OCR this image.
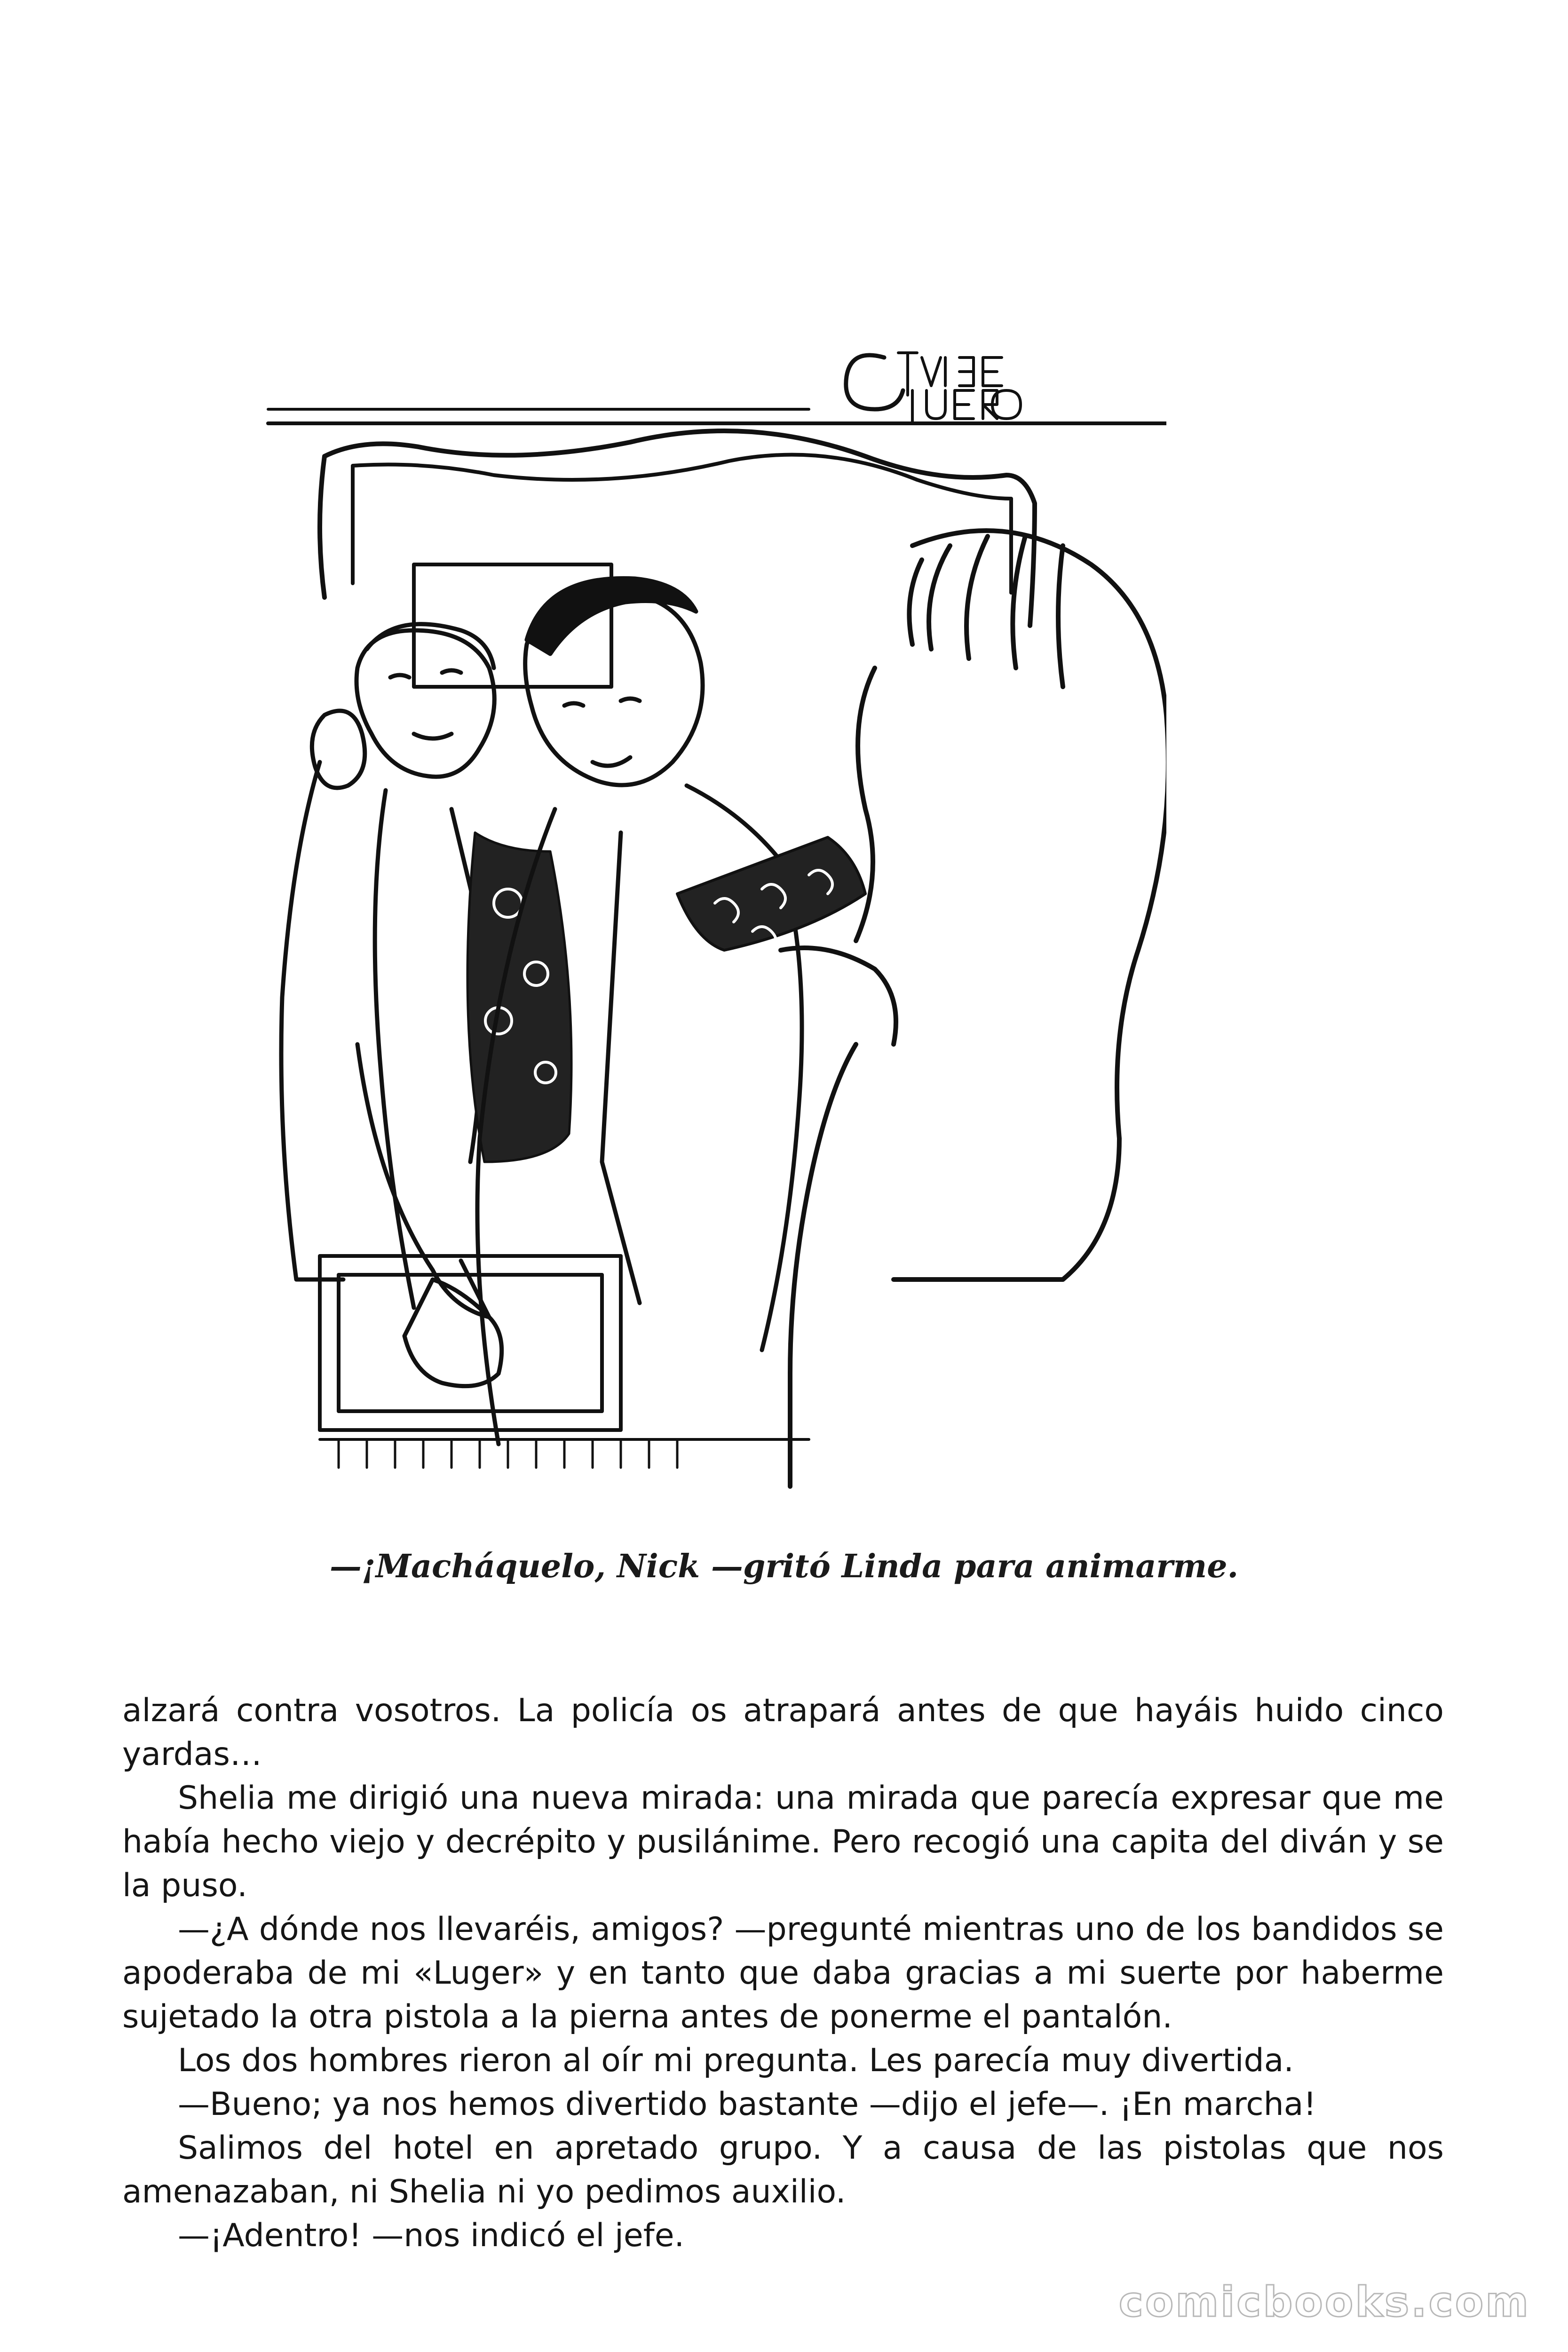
—¡Macháquelo, Nick —gritó Linda para animarme.

alzará contra vosotros. La policía os atrapará antes de que hayáis huido cinco yardas…

Shelia me dirigió una nueva mirada: una mirada que parecía expresar que me había hecho viejo y decrépito y pusilánime. Pero recogió una capita del diván y se la puso.

—¿A dónde nos llevaréis, amigos? —pregunté mientras uno de los bandidos se apoderaba de mi «Luger» y en tanto que daba gracias a mi suerte por haberme sujetado la otra pistola a la pierna antes de ponerme el pantalón.

Los dos hombres rieron al oír mi pregunta. Les parecía muy divertida.

—Bueno; ya nos hemos divertido bastante —dijo el jefe—. ¡En marcha!

Salimos del hotel en apretado grupo. Y a causa de las pistolas que nos amenazaban, ni Shelia ni yo pedimos auxilio.

—¡Adentro! —nos indicó el jefe.

comicbooks.com
